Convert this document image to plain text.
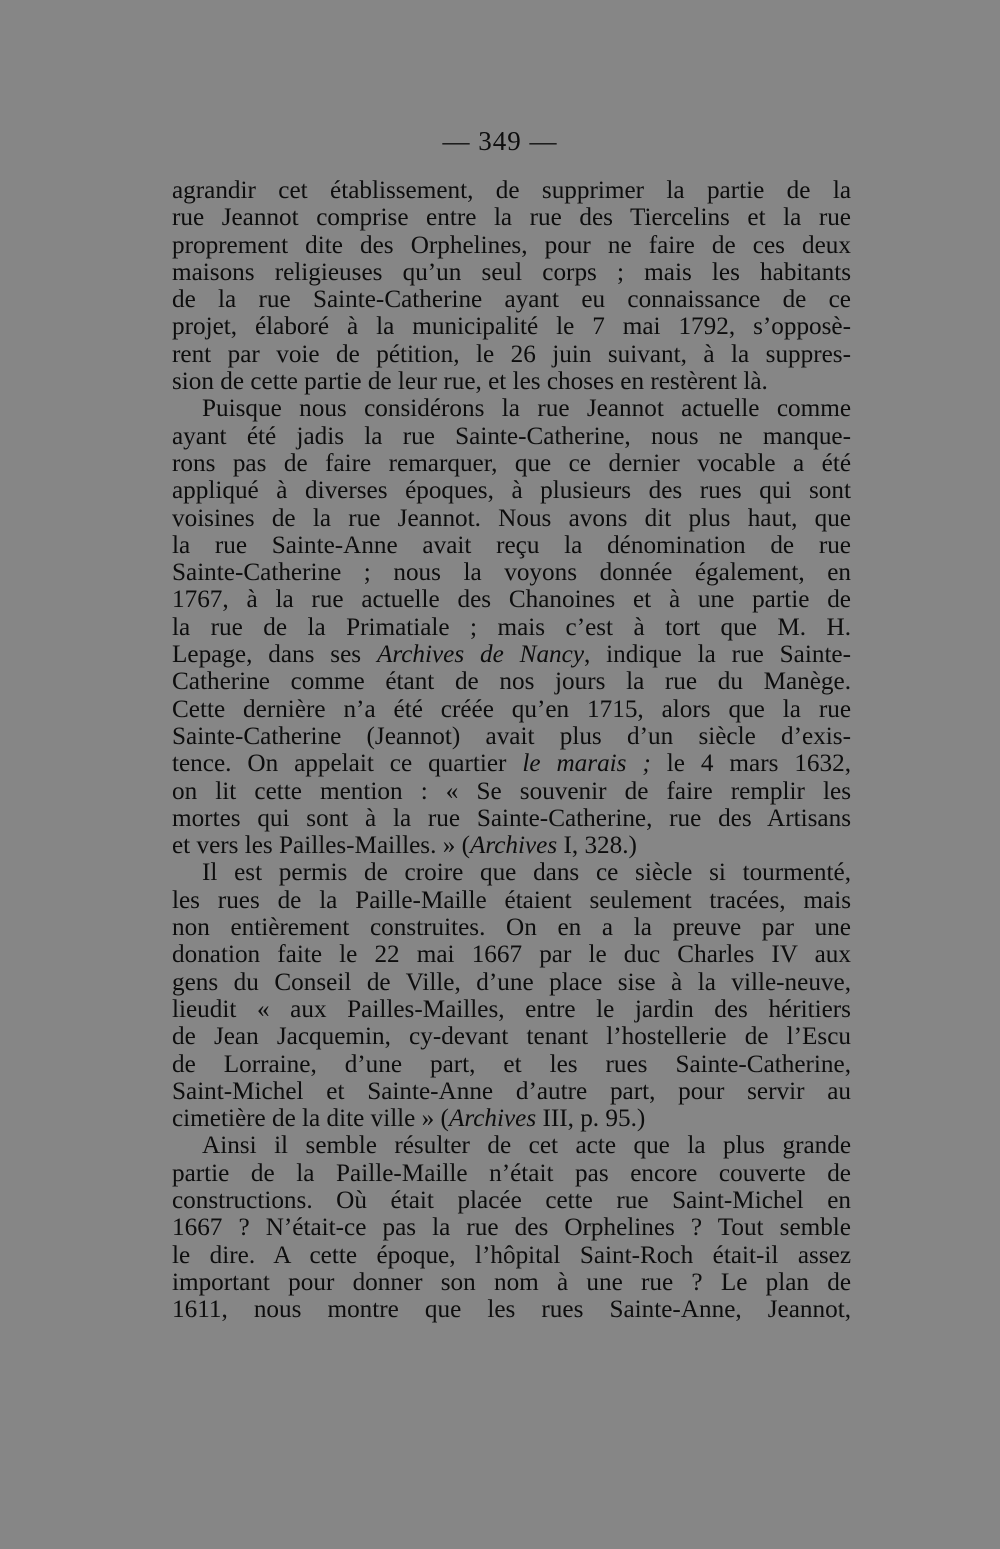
— 349 —
agrandir cet établissement, de supprimer la partie de la
rue Jeannot comprise entre la rue des Tiercelins et la rue
proprement dite des Orphelines, pour ne faire de ces deux
maisons religieuses qu’un seul corps ; mais les habitants
de la rue Sainte-Catherine ayant eu connaissance de ce
projet, élaboré à la municipalité le 7 mai 1792, s’opposè-
rent par voie de pétition, le 26 juin suivant, à la suppres-
sion de cette partie de leur rue, et les choses en restèrent là.
Puisque nous considérons la rue Jeannot actuelle comme
ayant été jadis la rue Sainte-Catherine, nous ne manque-
rons pas de faire remarquer, que ce dernier vocable a été
appliqué à diverses époques, à plusieurs des rues qui sont
voisines de la rue Jeannot. Nous avons dit plus haut, que
la rue Sainte-Anne avait reçu la dénomination de rue
Sainte-Catherine ; nous la voyons donnée également, en
1767, à la rue actuelle des Chanoines et à une partie de
la rue de la Primatiale ; mais c’est à tort que M. H.
Lepage, dans ses Archives de Nancy, indique la rue Sainte-
Catherine comme étant de nos jours la rue du Manège.
Cette dernière n’a été créée qu’en 1715, alors que la rue
Sainte-Catherine (Jeannot) avait plus d’un siècle d’exis-
tence. On appelait ce quartier le marais ; le 4 mars 1632,
on lit cette mention : « Se souvenir de faire remplir les
mortes qui sont à la rue Sainte-Catherine, rue des Artisans
et vers les Pailles-Mailles. » (Archives I, 328.)
Il est permis de croire que dans ce siècle si tourmenté,
les rues de la Paille-Maille étaient seulement tracées, mais
non entièrement construites. On en a la preuve par une
donation faite le 22 mai 1667 par le duc Charles IV aux
gens du Conseil de Ville, d’une place sise à la ville-neuve,
lieudit « aux Pailles-Mailles, entre le jardin des héritiers
de Jean Jacquemin, cy-devant tenant l’hostellerie de l’Escu
de Lorraine, d’une part, et les rues Sainte-Catherine,
Saint-Michel et Sainte-Anne d’autre part, pour servir au
cimetière de la dite ville » (Archives III, p. 95.)
Ainsi il semble résulter de cet acte que la plus grande
partie de la Paille-Maille n’était pas encore couverte de
constructions. Où était placée cette rue Saint-Michel en
1667 ? N’était-ce pas la rue des Orphelines ? Tout semble
le dire. A cette époque, l’hôpital Saint-Roch était-il assez
important pour donner son nom à une rue ? Le plan de
1611, nous montre que les rues Sainte-Anne, Jeannot,
